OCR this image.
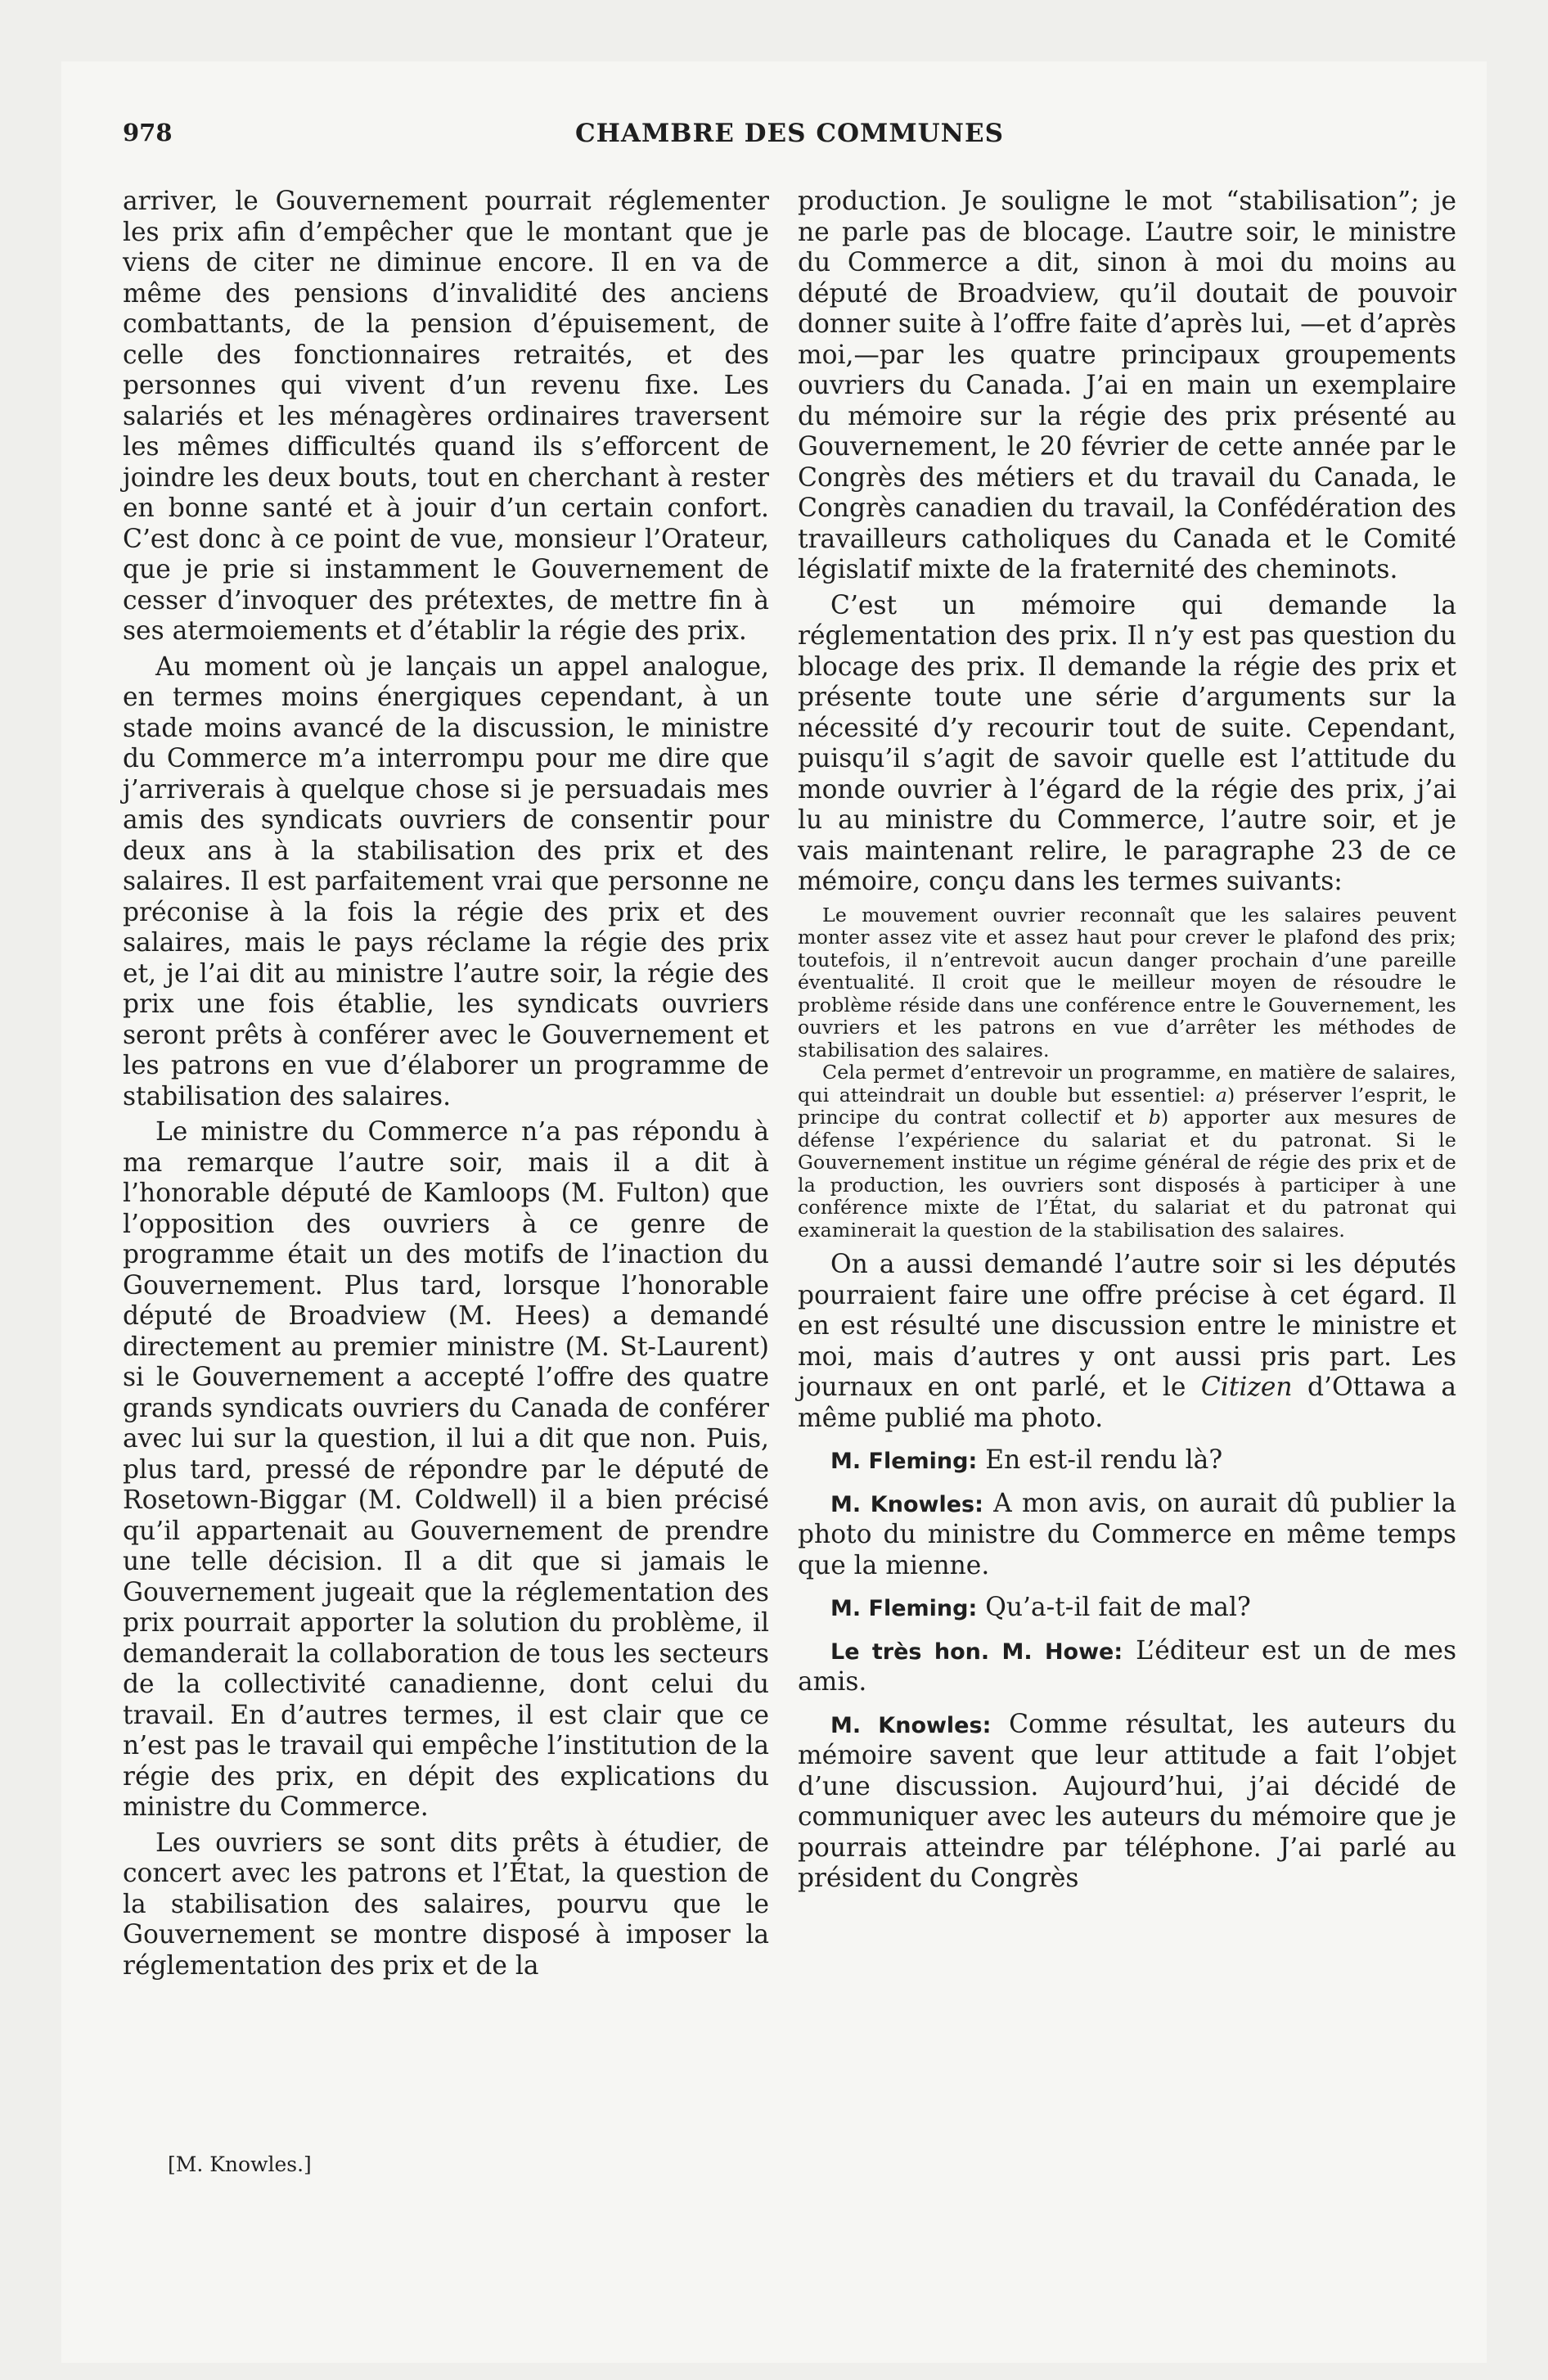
978	CHAMBRE DES COMMUNES

arriver, le Gouvernement pourrait réglementer les prix afin d’empêcher que le montant que je viens de citer ne diminue encore. Il en va de même des pensions d’invalidité des anciens combattants, de la pension d’épuisement, de celle des fonctionnaires retraités, et des personnes qui vivent d’un revenu fixe. Les salariés et les ménagères ordinaires traversent les mêmes difficultés quand ils s’efforcent de joindre les deux bouts, tout en cherchant à rester en bonne santé et à jouir d’un certain confort. C’est donc à ce point de vue, monsieur l’Orateur, que je prie si instamment le Gouvernement de cesser d’invoquer des prétextes, de mettre fin à ses atermoiements et d’établir la régie des prix.

Au moment où je lançais un appel analogue, en termes moins énergiques cependant, à un stade moins avancé de la discussion, le ministre du Commerce m’a interrompu pour me dire que j’arriverais à quelque chose si je persuadais mes amis des syndicats ouvriers de consentir pour deux ans à la stabilisation des prix et des salaires. Il est parfaitement vrai que personne ne préconise à la fois la régie des prix et des salaires, mais le pays réclame la régie des prix et, je l’ai dit au ministre l’autre soir, la régie des prix une fois établie, les syndicats ouvriers seront prêts à conférer avec le Gouvernement et les patrons en vue d’élaborer un programme de stabilisation des salaires.

Le ministre du Commerce n’a pas répondu à ma remarque l’autre soir, mais il a dit à l’honorable député de Kamloops (M. Fulton) que l’opposition des ouvriers à ce genre de programme était un des motifs de l’inaction du Gouvernement. Plus tard, lorsque l’honorable député de Broadview (M. Hees) a demandé directement au premier ministre (M. St-Laurent) si le Gouvernement a accepté l’offre des quatre grands syndicats ouvriers du Canada de conférer avec lui sur la question, il lui a dit que non. Puis, plus tard, pressé de répondre par le député de Rosetown-Biggar (M. Coldwell) il a bien précisé qu’il appartenait au Gouvernement de prendre une telle décision. Il a dit que si jamais le Gouvernement jugeait que la réglementation des prix pourrait apporter la solution du problème, il demanderait la collaboration de tous les secteurs de la collectivité canadienne, dont celui du travail. En d’autres termes, il est clair que ce n’est pas le travail qui empêche l’institution de la régie des prix, en dépit des explications du ministre du Commerce.

Les ouvriers se sont dits prêts à étudier, de concert avec les patrons et l’État, la question de la stabilisation des salaires, pourvu que le Gouvernement se montre disposé à imposer la réglementation des prix et de la

production. Je souligne le mot “stabilisation”; je ne parle pas de blocage. L’autre soir, le ministre du Commerce a dit, sinon à moi du moins au député de Broadview, qu’il doutait de pouvoir donner suite à l’offre faite d’après lui, —et d’après moi,—par les quatre principaux groupements ouvriers du Canada. J’ai en main un exemplaire du mémoire sur la régie des prix présenté au Gouvernement, le 20 février de cette année par le Congrès des métiers et du travail du Canada, le Congrès canadien du travail, la Confédération des travailleurs catholiques du Canada et le Comité législatif mixte de la fraternité des cheminots.

C’est un mémoire qui demande la réglementation des prix. Il n’y est pas question du blocage des prix. Il demande la régie des prix et présente toute une série d’arguments sur la nécessité d’y recourir tout de suite. Cependant, puisqu’il s’agit de savoir quelle est l’attitude du monde ouvrier à l’égard de la régie des prix, j’ai lu au ministre du Commerce, l’autre soir, et je vais maintenant relire, le paragraphe 23 de ce mémoire, conçu dans les termes suivants:

Le mouvement ouvrier reconnaît que les salaires peuvent monter assez vite et assez haut pour crever le plafond des prix; toutefois, il n’entrevoit aucun danger prochain d’une pareille éventualité. Il croit que le meilleur moyen de résoudre le problème réside dans une conférence entre le Gouvernement, les ouvriers et les patrons en vue d’arrêter les méthodes de stabilisation des salaires.

Cela permet d’entrevoir un programme, en matière de salaires, qui atteindrait un double but essentiel: a) préserver l’esprit, le principe du contrat collectif et b) apporter aux mesures de défense l’expérience du salariat et du patronat. Si le Gouvernement institue un régime général de régie des prix et de la production, les ouvriers sont disposés à participer à une conférence mixte de l’État, du salariat et du patronat qui examinerait la question de la stabilisation des salaires.

On a aussi demandé l’autre soir si les députés pourraient faire une offre précise à cet égard. Il en est résulté une discussion entre le ministre et moi, mais d’autres y ont aussi pris part. Les journaux en ont parlé, et le Citizen d’Ottawa a même publié ma photo.

M. Fleming: En est-il rendu là?

M. Knowles: A mon avis, on aurait dû publier la photo du ministre du Commerce en même temps que la mienne.

M. Fleming: Qu’a-t-il fait de mal?

Le très hon. M. Howe: L’éditeur est un de mes amis.

M. Knowles: Comme résultat, les auteurs du mémoire savent que leur attitude a fait l’objet d’une discussion. Aujourd’hui, j’ai décidé de communiquer avec les auteurs du mémoire que je pourrais atteindre par téléphone. J’ai parlé au président du Congrès

[M. Knowles.]
